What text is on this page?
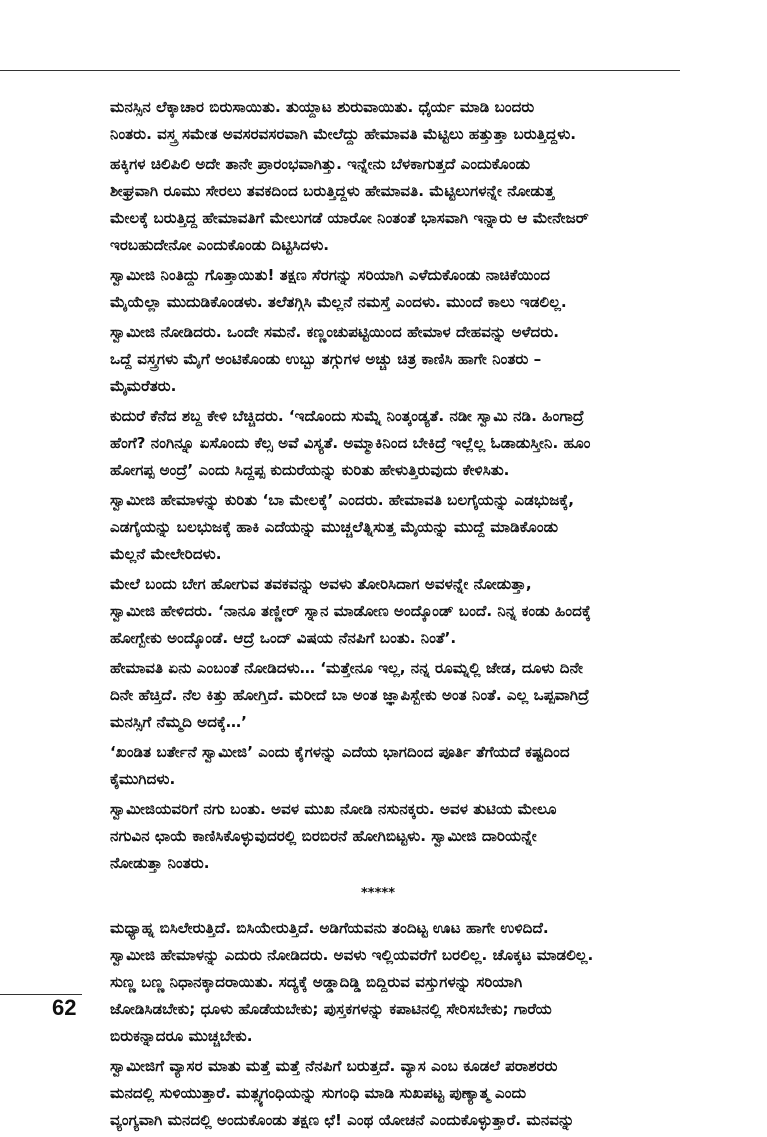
ಮನಸ್ಸಿನ ಲೆಕ್ಕಾಚಾರ ಬಿರುಸಾಯಿತು. ತುಯ್ದಾಟ ಶುರುವಾಯಿತು. ಧೈರ್ಯ ಮಾಡಿ ಬಂದರು
ನಿಂತರು. ವಸ್ತ್ರ ಸಮೇತ ಅವಸರವಸರವಾಗಿ ಮೇಲೆದ್ದು ಹೇಮಾವತಿ ಮೆಟ್ಟಿಲು ಹತ್ತುತ್ತಾ ಬರುತ್ತಿದ್ದಳು.

ಹಕ್ಕಿಗಳ ಚಿಲಿಪಿಲಿ ಅದೇ ತಾನೇ ಪ್ರಾರಂಭವಾಗಿತ್ತು. ಇನ್ನೇನು ಬೆಳಕಾಗುತ್ತದೆ ಎಂದುಕೊಂಡು
ಶೀಘ್ರವಾಗಿ ರೂಮು ಸೇರಲು ತವಕದಿಂದ ಬರುತ್ತಿದ್ದಳು ಹೇಮಾವತಿ. ಮೆಟ್ಟಿಲುಗಳನ್ನೇ ನೋಡುತ್ತ
ಮೇಲಕ್ಕೆ ಬರುತ್ತಿದ್ದ ಹೇಮಾವತಿಗೆ ಮೇಲುಗಡೆ ಯಾರೋ ನಿಂತಂತೆ ಭಾಸವಾಗಿ ಇನ್ನಾರು ಆ ಮೇನೇಜರ್
ಇರಬಹುದೇನೋ ಎಂದುಕೊಂಡು ದಿಟ್ಟಿಸಿದಳು.

ಸ್ವಾಮೀಜಿ ನಿಂತಿದ್ದು ಗೊತ್ತಾಯಿತು! ತಕ್ಷಣ ಸೆರಗನ್ನು ಸರಿಯಾಗಿ ಎಳೆದುಕೊಂಡು ನಾಚಿಕೆಯಿಂದ
ಮೈಯೆಲ್ಲಾ ಮುದುಡಿಕೊಂಡಳು. ತಲೆತಗ್ಗಿಸಿ ಮೆಲ್ಲನೆ ನಮಸ್ತೆ ಎಂದಳು. ಮುಂದೆ ಕಾಲು ಇಡಲಿಲ್ಲ.

ಸ್ವಾಮೀಜಿ ನೋಡಿದರು. ಒಂದೇ ಸಮನೆ. ಕಣ್ಣಂಚುಪಟ್ಟಿಯಿಂದ ಹೇಮಾಳ ದೇಹವನ್ನು ಅಳೆದರು.
ಒದ್ದೆ ವಸ್ತ್ರಗಳು ಮೈಗೆ ಅಂಟಿಕೊಂಡು ಉಬ್ಬು ತಗ್ಗುಗಳ ಅಚ್ಚು ಚಿತ್ರ ಕಾಣಿಸಿ ಹಾಗೇ ನಿಂತರು –
ಮೈಮರೆತರು.

ಕುದುರೆ ಕೆನೆದ ಶಬ್ದ ಕೇಳಿ ಬೆಚ್ಚಿದರು. ‘ಇದೊಂದು ಸುಮ್ನೆ ನಿಂತ್ಕಂಡ್ಯತೆ. ನಡೀ ಸ್ವಾಮಿ ನಡಿ. ಹಿಂಗಾದ್ರೆ
ಹೆಂಗೆ? ನಂಗಿನ್ನೂ ಏಸೊಂದು ಕೆಲ್ಸ ಅವೆ ವಿಸ್ಯತೆ. ಅಮ್ಮಾಕಿನಿಂದ ಬೇಕಿದ್ರೆ ಇಲ್ಲೆಲ್ಲ ಓಡಾಡುಸ್ತೀನಿ. ಹೂಂ
ಹೋಗಪ್ಪ ಅಂದ್ರೆ’ ಎಂದು ಸಿದ್ದಪ್ಪ ಕುದುರೆಯನ್ನು ಕುರಿತು ಹೇಳುತ್ತಿರುವುದು ಕೇಳಿಸಿತು.

ಸ್ವಾಮೀಜಿ ಹೇಮಾಳನ್ನು ಕುರಿತು ‘ಬಾ ಮೇಲಕ್ಕೆ’ ಎಂದರು. ಹೇಮಾವತಿ ಬಲಗೈಯನ್ನು ಎಡಭುಜಕ್ಕೆ,
ಎಡಗೈಯನ್ನು ಬಲಭುಜಕ್ಕೆ ಹಾಕಿ ಎದೆಯನ್ನು ಮುಚ್ಚಲೆತ್ನಿಸುತ್ತ ಮೈಯನ್ನು ಮುದ್ದೆ ಮಾಡಿಕೊಂಡು
ಮೆಲ್ಲನೆ ಮೇಲೇರಿದಳು.

ಮೇಲೆ ಬಂದು ಬೇಗ ಹೋಗುವ ತವಕವನ್ನು ಅವಳು ತೋರಿಸಿದಾಗ ಅವಳನ್ನೇ ನೋಡುತ್ತಾ,
ಸ್ವಾಮೀಜಿ ಹೇಳಿದರು. ‘ನಾನೂ ತಣ್ಣೀರ್ ಸ್ನಾನ ಮಾಡೋಣ ಅಂದ್ಕೊಂಡ್ ಬಂದೆ. ನಿನ್ನ ಕಂಡು ಹಿಂದಕ್ಕೆ
ಹೋಗ್ಬೇಕು ಅಂದ್ಕೊಂಡೆ. ಆದ್ರೆ ಒಂದ್ ವಿಷಯ ನೆನಪಿಗೆ ಬಂತು. ನಿಂತೆ’.

ಹೇಮಾವತಿ ಏನು ಎಂಬಂತೆ ನೋಡಿದಳು… ‘ಮತ್ತೇನೂ ಇಲ್ಲ, ನನ್ನ ರೂಮ್ನಲ್ಲಿ ಜೇಡ, ದೂಳು ದಿನೇ
ದಿನೇ ಹೆಚ್ತಿದೆ. ನೆಲ ಕಿತ್ತು ಹೋಗ್ತಿದೆ. ಮರೀದೆ ಬಾ ಅಂತ ಜ್ಞಾಪಿಸ್ಬೇಕು ಅಂತ ನಿಂತೆ. ಎಲ್ಲ ಒಪ್ಪವಾಗಿದ್ರೆ
ಮನಸ್ಸಿಗೆ ನೆಮ್ಮದಿ ಅದಕ್ಕೆ…’

‘ಖಂಡಿತ ಬರ್ತೇನೆ ಸ್ವಾಮೀಜಿ’ ಎಂದು ಕೈಗಳನ್ನು ಎದೆಯ ಭಾಗದಿಂದ ಪೂರ್ತಿ ತೆಗೆಯದೆ ಕಷ್ಟದಿಂದ
ಕೈಮುಗಿದಳು.

ಸ್ವಾಮೀಜಿಯವರಿಗೆ ನಗು ಬಂತು. ಅವಳ ಮುಖ ನೋಡಿ ನಸುನಕ್ಕರು. ಅವಳ ತುಟಿಯ ಮೇಲೂ
ನಗುವಿನ ಛಾಯೆ ಕಾಣಿಸಿಕೊಳ್ಳುವುದರಲ್ಲಿ ಬಿರಬಿರನೆ ಹೋಗಿಬಿಟ್ಟಳು. ಸ್ವಾಮೀಜಿ ದಾರಿಯನ್ನೇ
ನೋಡುತ್ತಾ ನಿಂತರು.

*****

ಮಧ್ಯಾಹ್ನ ಬಿಸಿಲೇರುತ್ತಿದೆ. ಬಿಸಿಯೇರುತ್ತಿದೆ. ಅಡಿಗೆಯವನು ತಂದಿಟ್ಟ ಊಟ ಹಾಗೇ ಉಳಿದಿದೆ.
ಸ್ವಾಮೀಜಿ ಹೇಮಾಳನ್ನು ಎದುರು ನೋಡಿದರು. ಅವಳು ಇಲ್ಲಿಯವರೆಗೆ ಬರಲಿಲ್ಲ. ಚೊಕ್ಕಟ ಮಾಡಲಿಲ್ಲ.
ಸುಣ್ಣ ಬಣ್ಣ ನಿಧಾನಕ್ಕಾದರಾಯಿತು. ಸದ್ಯಕ್ಕೆ ಅಡ್ಡಾದಿಡ್ಡಿ ಬಿದ್ದಿರುವ ವಸ್ತುಗಳನ್ನು ಸರಿಯಾಗಿ
ಜೋಡಿಸಿಡಬೇಕು; ಧೂಳು ಹೊಡೆಯಬೇಕು; ಪುಸ್ತಕಗಳನ್ನು ಕಪಾಟಿನಲ್ಲಿ ಸೇರಿಸಬೇಕು; ಗಾರೆಯ
ಬಿರುಕನ್ನಾದರೂ ಮುಚ್ಚಬೇಕು.

ಸ್ವಾಮೀಜಿಗೆ ವ್ಯಾಸರ ಮಾತು ಮತ್ತೆ ಮತ್ತೆ ನೆನಪಿಗೆ ಬರುತ್ತದೆ. ವ್ಯಾಸ ಎಂಬ ಕೂಡಲೆ ಪರಾಶರರು
ಮನದಲ್ಲಿ ಸುಳಿಯುತ್ತಾರೆ. ಮತ್ಸ್ಯಗಂಧಿಯನ್ನು ಸುಗಂಧಿ ಮಾಡಿ ಸುಖಪಟ್ಟ ಪುಣ್ಯಾತ್ಮ ಎಂದು
ವ್ಯಂಗ್ಯವಾಗಿ ಮನದಲ್ಲಿ ಅಂದುಕೊಂಡು ತಕ್ಷಣ ಛೆ! ಎಂಥ ಯೋಚನೆ ಎಂದುಕೊಳ್ಳುತ್ತಾರೆ. ಮನವನ್ನು

62
